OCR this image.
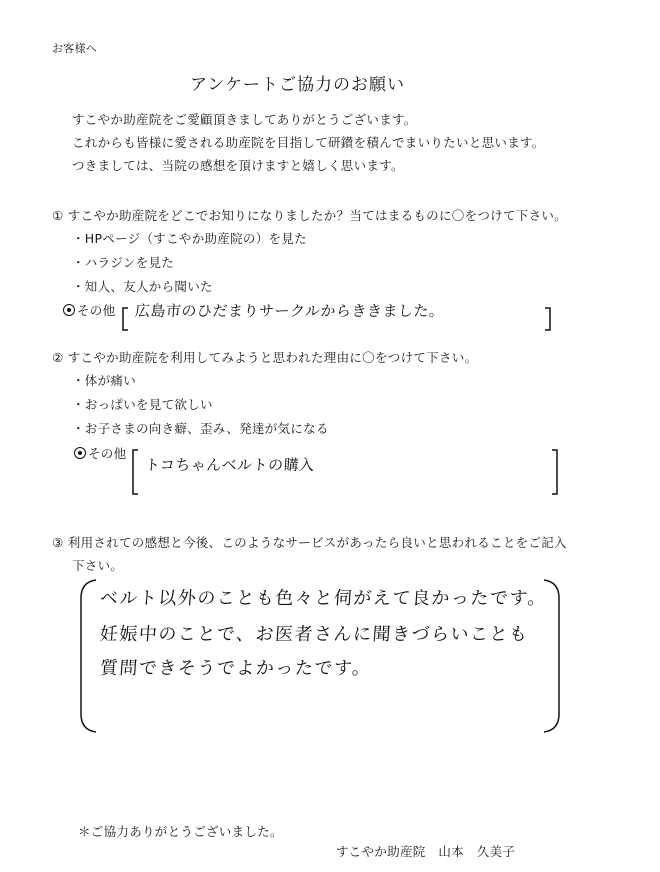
お客様へ
アンケートご協力のお願い
すこやか助産院をご愛顧頂きましてありがとうございます。
これからも皆様に愛される助産院を目指して研鑚を積んでまいりたいと思います。
つきましては、当院の感想を頂けますと嬉しく思います。
① すこやか助産院をどこでお知りになりましたか？当てはまるものに〇をつけて下さい。
・HPページ（すこやか助産院の）を見た
・ハラジンを見た
・知人、友人から聞いた
その他 広島市のひだまりサークルからききました。
② すこやか助産院を利用してみようと思われた理由に〇をつけて下さい。
・体が痛い
・おっぱいを見て欲しい
・お子さまの向き癖、歪み、発達が気になる
その他
トコちゃんベルトの購入
③ 利用されての感想と今後、このようなサービスがあったら良いと思われることをご記入
下さい。
ベルト以外のことも色々と伺がえて良かったです。
妊娠中のことで、お医者さんに聞きづらいことも
質問できそうでよかったです。
＊ご協力ありがとうございました。
すこやか助産院　山本　久美子
